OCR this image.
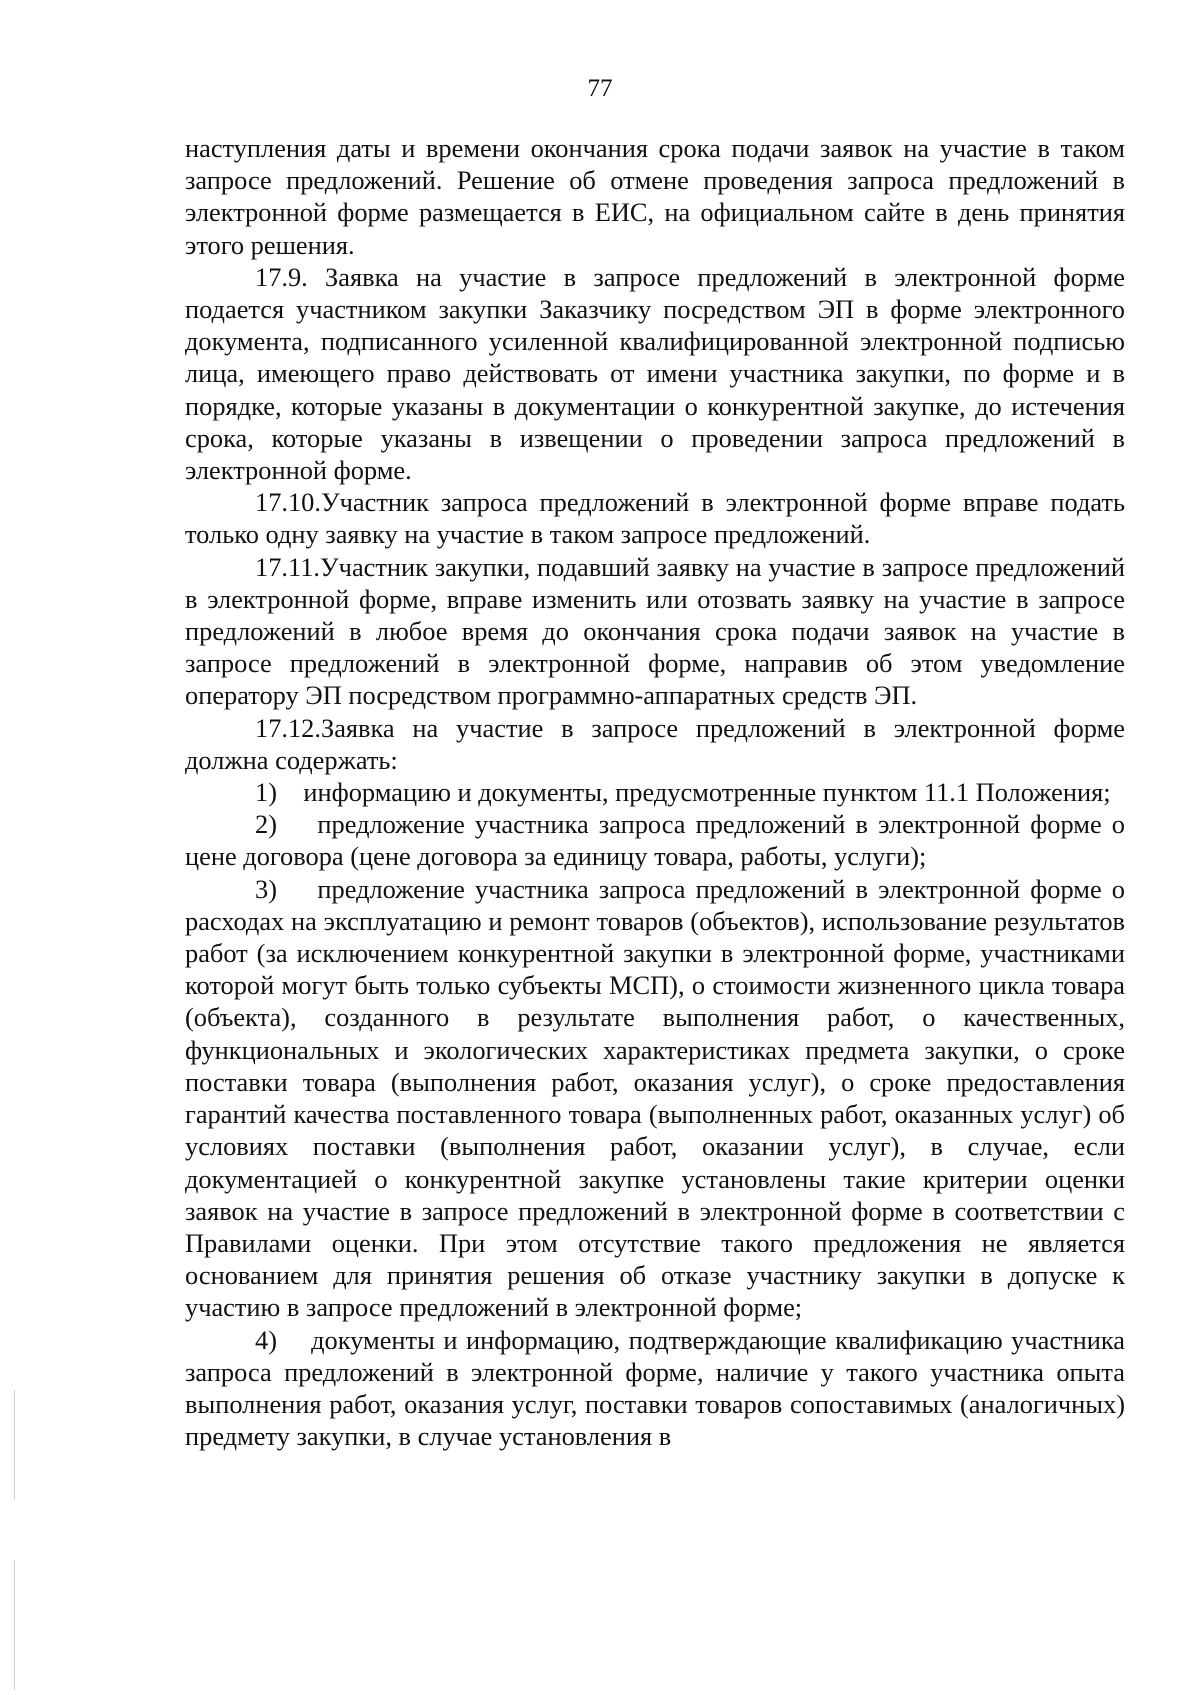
77

наступления даты и времени окончания срока подачи заявок на участие в таком запросе предложений. Решение об отмене проведения запроса предложений в электронной форме размещается в ЕИС, на официальном сайте в день принятия этого решения.

17.9. Заявка на участие в запросе предложений в электронной форме подается участником закупки Заказчику посредством ЭП в форме электронного документа, подписанного усиленной квалифицированной электронной подписью лица, имеющего право действовать от имени участника закупки, по форме и в порядке, которые указаны в документации о конкурентной закупке, до истечения срока, которые указаны в извещении о проведении запроса предложений в электронной форме.

17.10.Участник запроса предложений в электронной форме вправе подать только одну заявку на участие в таком запросе предложений.

17.11.Участник закупки, подавший заявку на участие в запросе предложений в электронной форме, вправе изменить или отозвать заявку на участие в запросе предложений в любое время до окончания срока подачи заявок на участие в запросе предложений в электронной форме, направив об этом уведомление оператору ЭП посредством программно-аппаратных средств ЭП.

17.12.Заявка на участие в запросе предложений в электронной форме должна содержать:

1)    информацию и документы, предусмотренные пунктом 11.1 Положения;

2)    предложение участника запроса предложений в электронной форме о цене договора (цене договора за единицу товара, работы, услуги);

3)    предложение участника запроса предложений в электронной форме о расходах на эксплуатацию и ремонт товаров (объектов), использование результатов работ (за исключением конкурентной закупки в электронной форме, участниками которой могут быть только субъекты МСП), о стоимости жизненного цикла товара (объекта), созданного в результате выполнения работ, о качественных, функциональных и экологических характеристиках предмета закупки, о сроке поставки товара (выполнения работ, оказания услуг), о сроке предоставления гарантий качества поставленного товара (выполненных работ, оказанных услуг) об условиях поставки (выполнения работ, оказании услуг), в случае, если документацией о конкурентной закупке установлены такие критерии оценки заявок на участие в запросе предложений в электронной форме в соответствии с Правилами оценки. При этом отсутствие такого предложения не является основанием для принятия решения об отказе участнику закупки в допуске к участию в запросе предложений в электронной форме;

4)    документы и информацию, подтверждающие квалификацию участника запроса предложений в электронной форме, наличие у такого участника опыта выполнения работ, оказания услуг, поставки товаров сопоставимых (аналогичных) предмету закупки, в случае установления в
